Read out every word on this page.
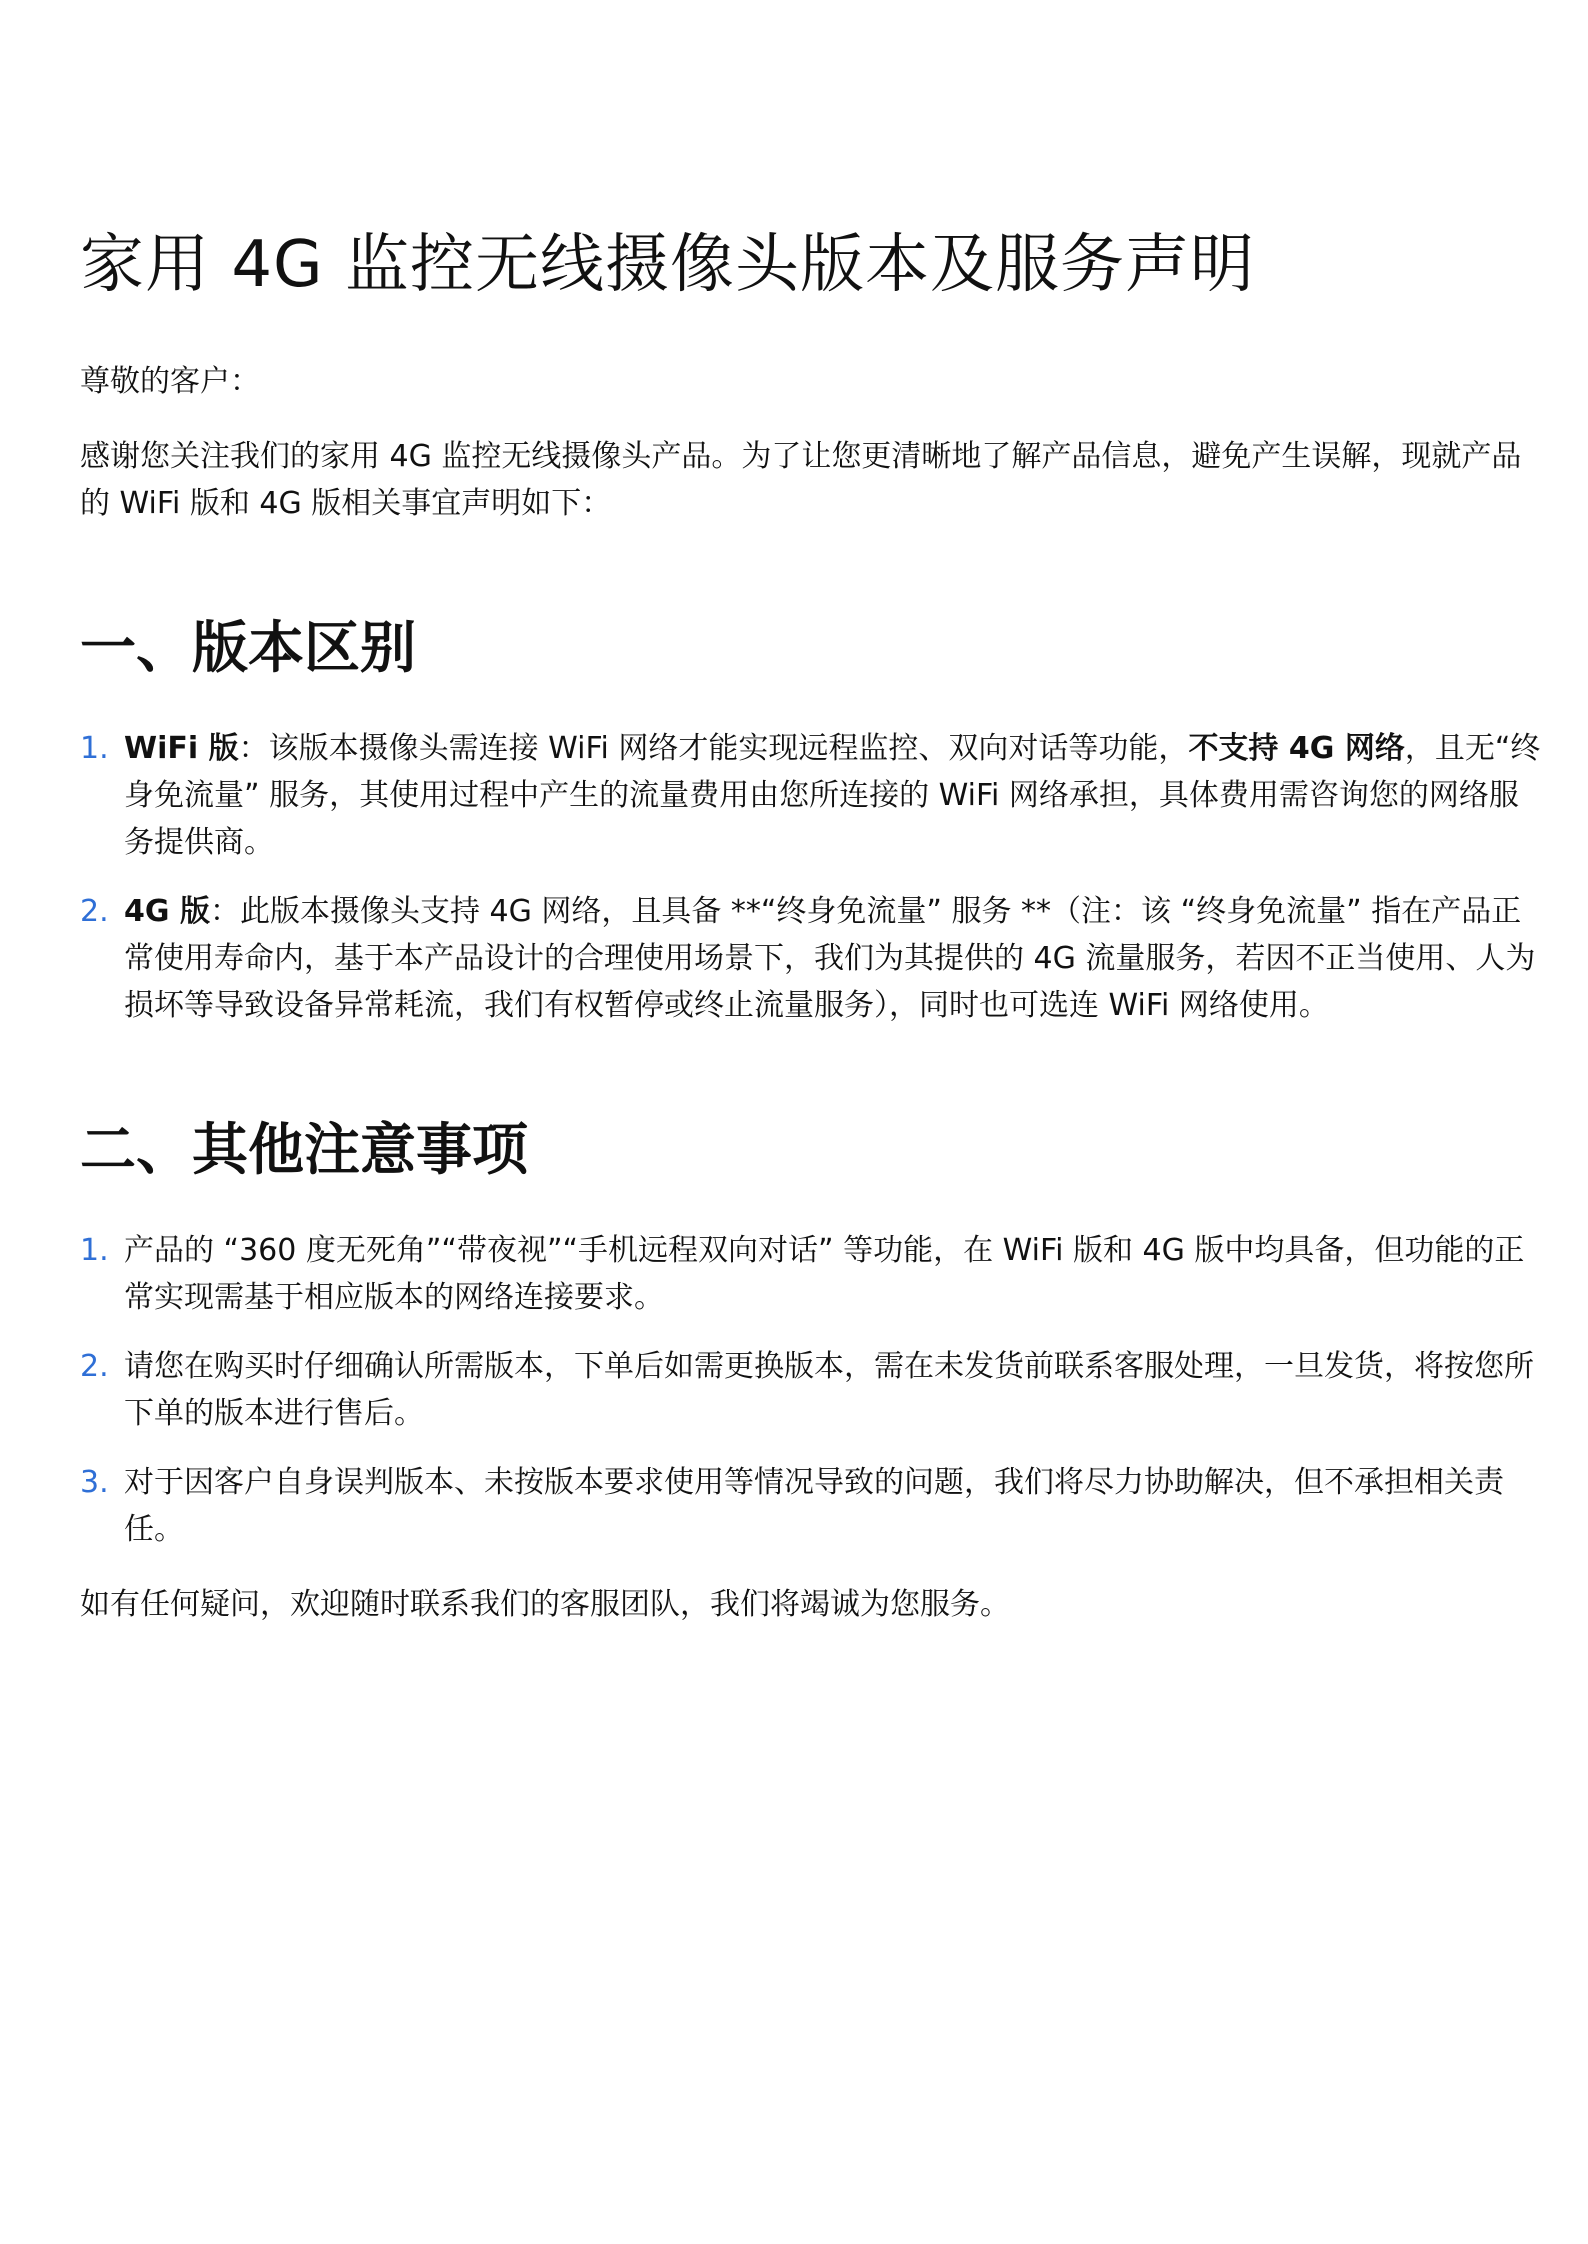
家用 4G 监控无线摄像头版本及服务声明

尊敬的客户：

感谢您关注我们的家用 4G 监控无线摄像头产品。为了让您更清晰地了解产品信息，避免产生误解，现就产品的 WiFi 版和 4G 版相关事宜声明如下：

一、版本区别
1. WiFi 版：该版本摄像头需连接 WiFi 网络才能实现远程监控、双向对话等功能，不支持 4G 网络，且无“终身免流量” 服务，其使用过程中产生的流量费用由您所连接的 WiFi 网络承担，具体费用需咨询您的网络服务提供商。
2. 4G 版：此版本摄像头支持 4G 网络，且具备 **“终身免流量” 服务 **（注：该 “终身免流量” 指在产品正常使用寿命内，基于本产品设计的合理使用场景下，我们为其提供的 4G 流量服务，若因不正当使用、人为损坏等导致设备异常耗流，我们有权暂停或终止流量服务），同时也可选连 WiFi 网络使用。
二、其他注意事项
1. 产品的 “360 度无死角”“带夜视”“手机远程双向对话” 等功能，在 WiFi 版和 4G 版中均具备，但功能的正常实现需基于相应版本的网络连接要求。
2. 请您在购买时仔细确认所需版本，下单后如需更换版本，需在未发货前联系客服处理，一旦发货，将按您所下单的版本进行售后。
3. 对于因客户自身误判版本、未按版本要求使用等情况导致的问题，我们将尽力协助解决，但不承担相关责任。

如有任何疑问，欢迎随时联系我们的客服团队，我们将竭诚为您服务。
